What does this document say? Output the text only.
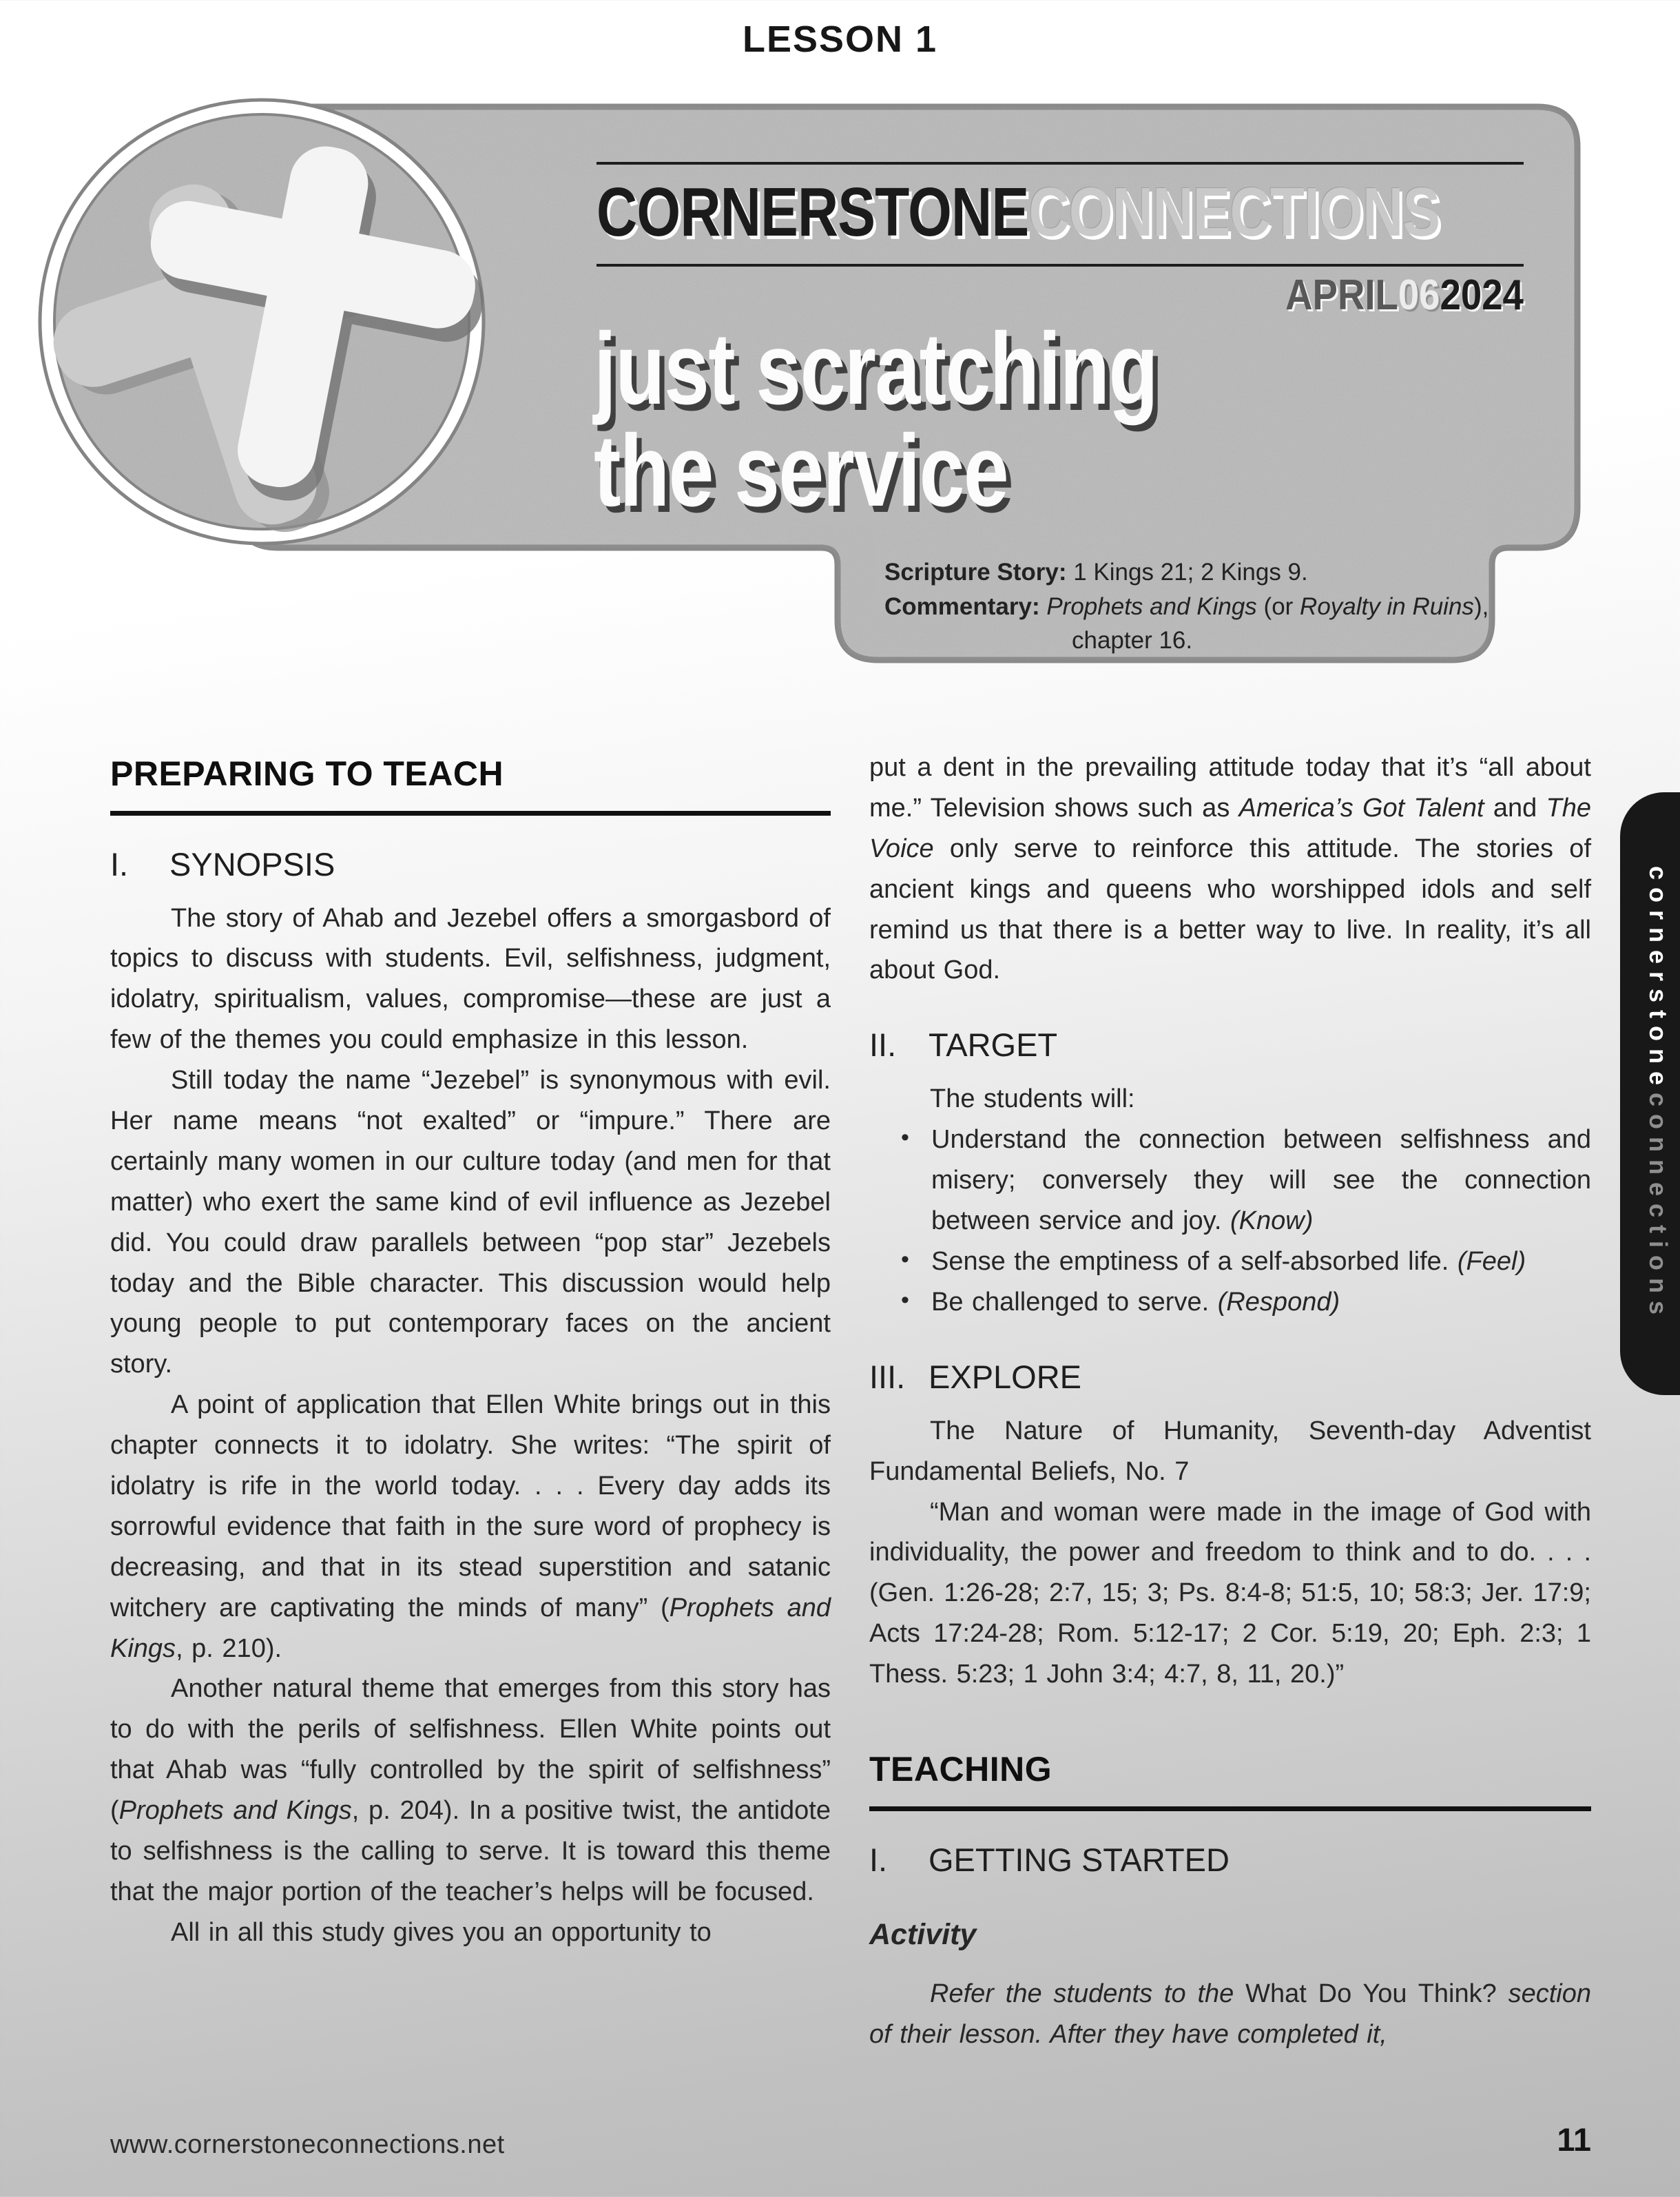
LESSON 1
CORNERSTONECONNECTIONS
APRIL062024
just scratching
the service
Scripture Story: 1 Kings 21; 2 Kings 9.
Commentary: Prophets and Kings (or Royalty in Ruins),
chapter 16.
PREPARING TO TEACH
I.	SYNOPSIS

The story of Ahab and Jezebel offers a smorgasbord of topics to discuss with students. Evil, selfishness, judgment, idolatry, spiritualism, values, compromise—these are just a few of the themes you could emphasize in this lesson.

Still today the name “Jezebel” is synonymous with evil. Her name means “not exalted” or “impure.” There are certainly many women in our culture today (and men for that matter) who exert the same kind of evil influence as Jezebel did. You could draw parallels between “pop star” Jezebels today and the Bible character. This discussion would help young people to put contemporary faces on the ancient story.

A point of application that Ellen White brings out in this chapter connects it to idolatry. She writes: “The spirit of idolatry is rife in the world today. . . . Every day adds its sorrowful evidence that faith in the sure word of prophecy is decreasing, and that in its stead superstition and satanic witchery are captivating the minds of many” (Prophets and Kings, p. 210).

Another natural theme that emerges from this story has to do with the perils of selfishness. Ellen White points out that Ahab was “fully controlled by the spirit of selfishness” (Prophets and Kings, p. 204). In a positive twist, the antidote to selfishness is the calling to serve. It is toward this theme that the major portion of the teacher’s helps will be focused.

All in all this study gives you an opportunity to

put a dent in the prevailing attitude today that it’s “all about me.” Television shows such as America’s Got Talent and The Voice only serve to reinforce this attitude. The stories of ancient kings and queens who worshipped idols and self remind us that there is a better way to live. In reality, it’s all about God.

II. TARGET

The students will:

• Understand the connection between selfishness and misery; conversely they will see the connection between service and joy. (Know)
• Sense the emptiness of a self-absorbed life. (Feel)
• Be challenged to serve. (Respond)
III. EXPLORE

The Nature of Humanity, Seventh-day Adventist Fundamental Beliefs, No. 7

“Man and woman were made in the image of God with individuality, the power and freedom to think and to do. . . . (Gen. 1:26-28; 2:7, 15; 3; Ps. 8:4-8; 51:5, 10; 58:3; Jer. 17:9; Acts 17:24-28; Rom. 5:12-17; 2 Cor. 5:19, 20; Eph. 2:3; 1 Thess. 5:23; 1 John 3:4; 4:7, 8, 11, 20.)”

TEACHING
I.	GETTING STARTED
Activity

Refer the students to the What Do You Think? section of their lesson. After they have completed it,

cornerstoneconnections
www.cornerstoneconnections.net	11
